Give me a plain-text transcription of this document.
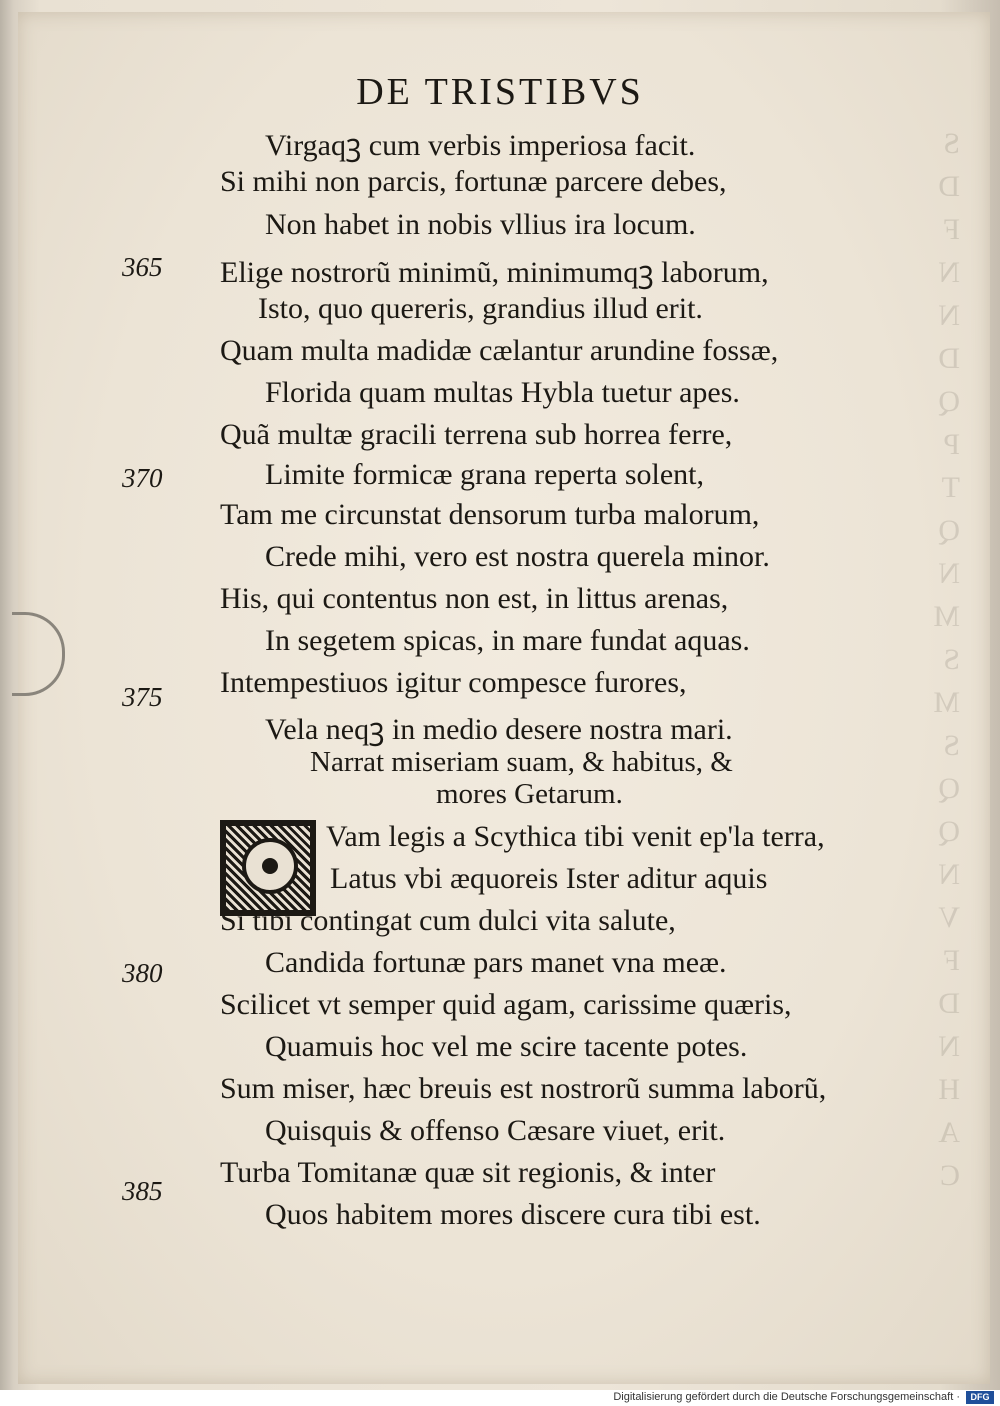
S
D
F
N
N
D
Q
P
T
Q
N
M
S
M
S
Q
Q
N
V
F
D
N
H
A
C
DE TRISTIBVS
Virgaqꝫ cum verbis imperiosa facit.
Si mihi non parcis, fortunæ parcere debes,
Non habet in nobis vllius ira locum.
Elige nostrorũ minimũ, minimumqꝫ laborum,
Isto, quo quereris, grandius illud erit.
Quam multa madidæ cælantur arundine fossæ,
Florida quam multas Hybla tuetur apes.
Quã multæ gracili terrena sub horrea ferre,
Limite formicæ grana reperta solent,
Tam me circunstat densorum turba malorum,
Crede mihi, vero est nostra querela minor.
His, qui contentus non est, in littus arenas,
In segetem spicas, in mare fundat aquas.
Intempestiuos igitur compesce furores,
Vela neqꝫ in medio desere nostra mari.
Narrat miseriam suam, & habitus, &
mores Getarum.
Vam legis a Scythica tibi venit ep'la terra,
Latus vbi æquoreis Ister aditur aquis
Si tibi contingat cum dulci vita salute,
Candida fortunæ pars manet vna meæ.
Scilicet vt semper quid agam, carissime quæris,
Quamuis hoc vel me scire tacente potes.
Sum miser, hæc breuis est nostrorũ summa laborũ,
Quisquis & offenso Cæsare viuet, erit.
Turba Tomitanæ quæ sit regionis, & inter
Quos habitem mores discere cura tibi est.
365
370
375
380
385
Digitalisierung gefördert durch die Deutsche Forschungsgemeinschaft ·	DFG
